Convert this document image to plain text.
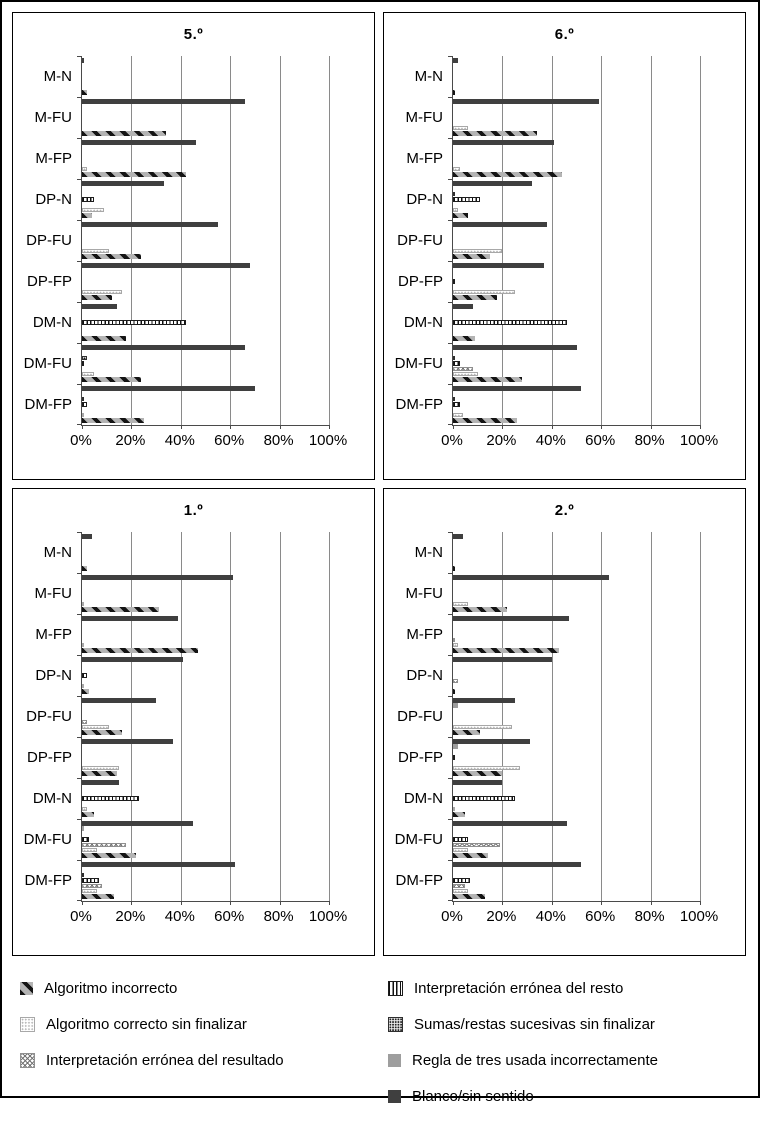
5.º
M-N
M-FU
M-FP
DP-N
DP-FU
DP-FP
DM-N
DM-FU
DM-FP
0% 20% 40% 60% 80% 100%
6.º
M-N
M-FU
M-FP
DP-N
DP-FU
DP-FP
DM-N
DM-FU
DM-FP
0% 20% 40% 60% 80% 100%
1.º
M-N
M-FU
M-FP
DP-N
DP-FU
DP-FP
DM-N
DM-FU
DM-FP
0% 20% 40% 60% 80% 100%
2.º
M-N
M-FU
M-FP
DP-N
DP-FU
DP-FP
DM-N
DM-FU
DM-FP
0% 20% 40% 60% 80% 100%
Algoritmo incorrecto
Algoritmo correcto sin finalizar
Interpretación errónea del resultado
Interpretación errónea del resto
Sumas/restas sucesivas sin finalizar
Regla de tres usada incorrectamente
Blanco/sin sentido
